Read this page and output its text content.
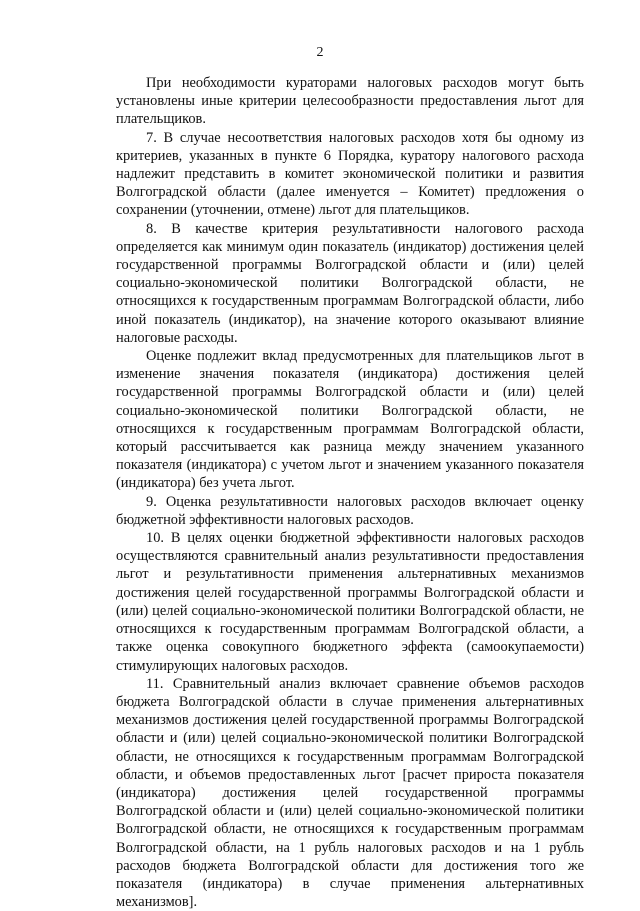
2

При необходимости кураторами налоговых расходов могут быть установлены иные критерии целесообразности предоставления льгот для плательщиков.

7. В случае несоответствия налоговых расходов хотя бы одному из критериев, указанных в пункте 6 Порядка, куратору налогового расхода надлежит представить в комитет экономической политики и развития Волгоградской области (далее именуется – Комитет) предложения о сохранении (уточнении, отмене) льгот для плательщиков.

8. В качестве критерия результативности налогового расхода определяется как минимум один показатель (индикатор) достижения целей государственной программы Волгоградской области и (или) целей социально-экономической политики Волгоградской области, не относящихся к государственным программам Волгоградской области, либо иной показатель (индикатор), на значение которого оказывают влияние налоговые расходы.

Оценке подлежит вклад предусмотренных для плательщиков льгот в изменение значения показателя (индикатора) достижения целей государственной программы Волгоградской области и (или) целей социально-экономической политики Волгоградской области, не относящихся к государственным программам Волгоградской области, который рассчитывается как разница между значением указанного показателя (индикатора) с учетом льгот и значением указанного показателя (индикатора) без учета льгот.

9. Оценка результативности налоговых расходов включает оценку бюджетной эффективности налоговых расходов.

10. В целях оценки бюджетной эффективности налоговых расходов осуществляются сравнительный анализ результативности предоставления льгот и результативности применения альтернативных механизмов достижения целей государственной программы Волгоградской области и (или) целей социально-экономической политики Волгоградской области, не относящихся к государственным программам Волгоградской области, а также оценка совокупного бюджетного эффекта (самоокупаемости) стимулирующих налоговых расходов.

11. Сравнительный анализ включает сравнение объемов расходов бюджета Волгоградской области в случае применения альтернативных механизмов достижения целей государственной программы Волгоградской области и (или) целей социально-экономической политики Волгоградской области, не относящихся к государственным программам Волгоградской области, и объемов предоставленных льгот [расчет прироста показателя (индикатора) достижения целей государственной программы Волгоградской области и (или) целей социально-экономической политики Волгоградской области, не относящихся к государственным программам Волгоградской области, на 1 рубль налоговых расходов и на 1 рубль расходов бюджета Волгоградской области для достижения того же показателя (индикатора) в случае применения альтернативных механизмов].
